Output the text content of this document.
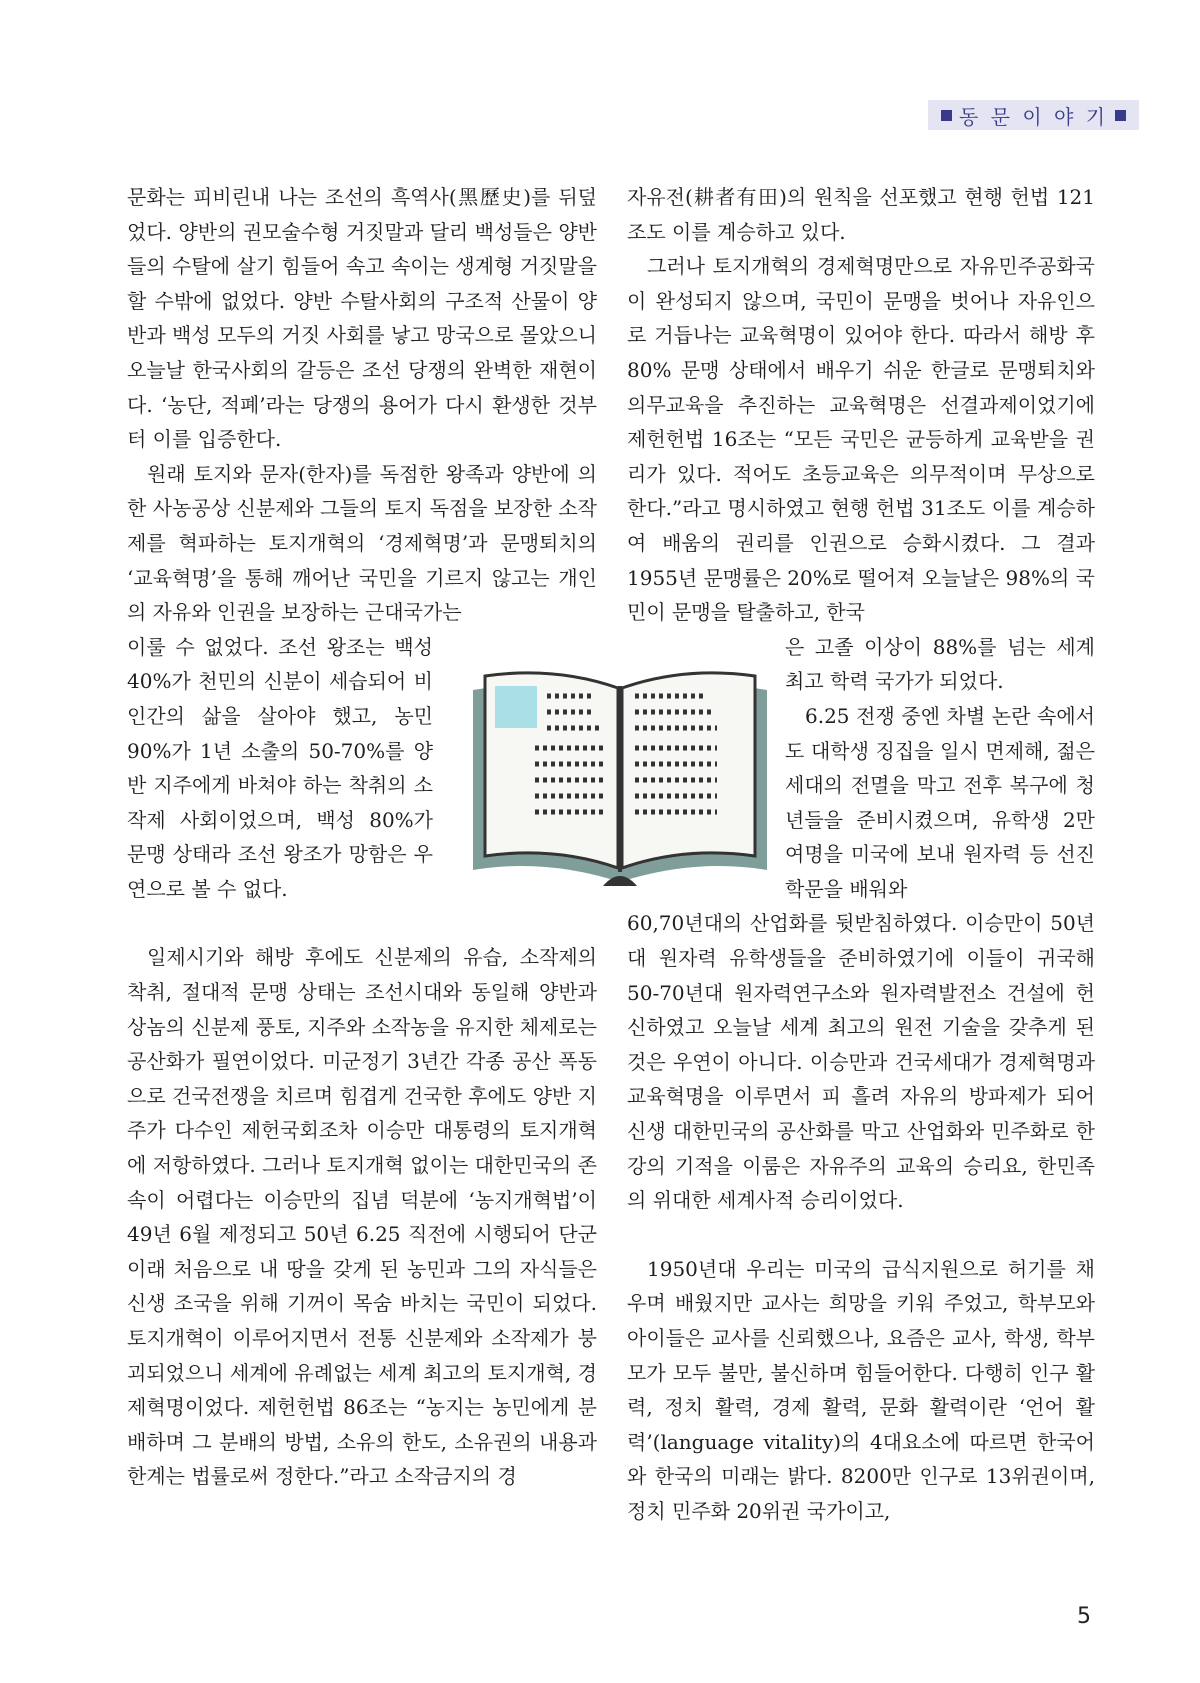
동 문 이 야 기

문화는 피비린내 나는 조선의 흑역사(黑歷史)를 뒤덮었다. 양반의 권모술수형 거짓말과 달리 백성들은 양반들의 수탈에 살기 힘들어 속고 속이는 생계형 거짓말을 할 수밖에 없었다. 양반 수탈사회의 구조적 산물이 양반과 백성 모두의 거짓 사회를 낳고 망국으로 몰았으니 오늘날 한국사회의 갈등은 조선 당쟁의 완벽한 재현이다. ‘농단, 적폐’라는 당쟁의 용어가 다시 환생한 것부터 이를 입증한다.

원래 토지와 문자(한자)를 독점한 왕족과 양반에 의한 사농공상 신분제와 그들의 토지 독점을 보장한 소작제를 혁파하는 토지개혁의 ‘경제혁명’과 문맹퇴치의 ‘교육혁명’을 통해 깨어난 국민을 기르지 않고는 개인의 자유와 인권을 보장하는 근대국가는

이룰 수 없었다. 조선 왕조는 백성 40%가 천민의 신분이 세습되어 비인간의 삶을 살아야 했고, 농민 90%가 1년 소출의 50-70%를 양반 지주에게 바쳐야 하는 착취의 소작제 사회이었으며, 백성 80%가 문맹 상태라 조선 왕조가 망함은 우연으로 볼 수 없다.

일제시기와 해방 후에도 신분제의 유습, 소작제의 착취, 절대적 문맹 상태는 조선시대와 동일해 양반과 상놈의 신분제 풍토, 지주와 소작농을 유지한 체제로는 공산화가 필연이었다. 미군정기 3년간 각종 공산 폭동으로 건국전쟁을 치르며 힘겹게 건국한 후에도 양반 지주가 다수인 제헌국회조차 이승만 대통령의 토지개혁에 저항하였다. 그러나 토지개혁 없이는 대한민국의 존속이 어렵다는 이승만의 집념 덕분에 ‘농지개혁법’이 49년 6월 제정되고 50년 6.25 직전에 시행되어 단군 이래 처음으로 내 땅을 갖게 된 농민과 그의 자식들은 신생 조국을 위해 기꺼이 목숨 바치는 국민이 되었다. 토지개혁이 이루어지면서 전통 신분제와 소작제가 붕괴되었으니 세계에 유례없는 세계 최고의 토지개혁, 경제혁명이었다. 제헌헌법 86조는 “농지는 농민에게 분배하며 그 분배의 방법, 소유의 한도, 소유권의 내용과 한계는 법률로써 정한다.”라고 소작금지의 경

자유전(耕者有田)의 원칙을 선포했고 현행 헌법 121조도 이를 계승하고 있다.

그러나 토지개혁의 경제혁명만으로 자유민주공화국이 완성되지 않으며, 국민이 문맹을 벗어나 자유인으로 거듭나는 교육혁명이 있어야 한다. 따라서 해방 후 80% 문맹 상태에서 배우기 쉬운 한글로 문맹퇴치와 의무교육을 추진하는 교육혁명은 선결과제이었기에 제헌헌법 16조는 “모든 국민은 균등하게 교육받을 권리가 있다. 적어도 초등교육은 의무적이며 무상으로 한다.”라고 명시하였고 현행 헌법 31조도 이를 계승하여 배움의 권리를 인권으로 승화시켰다. 그 결과 1955년 문맹률은 20%로 떨어져 오늘날은 98%의 국민이 문맹을 탈출하고, 한국

은 고졸 이상이 88%를 넘는 세계 최고 학력 국가가 되었다.

6.25 전쟁 중엔 차별 논란 속에서도 대학생 징집을 일시 면제해, 젊은 세대의 전멸을 막고 전후 복구에 청년들을 준비시켰으며, 유학생 2만 여명을 미국에 보내 원자력 등 선진 학문을 배워와

60,70년대의 산업화를 뒷받침하였다. 이승만이 50년대 원자력 유학생들을 준비하였기에 이들이 귀국해 50-70년대 원자력연구소와 원자력발전소 건설에 헌신하였고 오늘날 세계 최고의 원전 기술을 갖추게 된 것은 우연이 아니다. 이승만과 건국세대가 경제혁명과 교육혁명을 이루면서 피 흘려 자유의 방파제가 되어 신생 대한민국의 공산화를 막고 산업화와 민주화로 한강의 기적을 이룸은 자유주의 교육의 승리요, 한민족의 위대한 세계사적 승리이었다.

1950년대 우리는 미국의 급식지원으로 허기를 채우며 배웠지만 교사는 희망을 키워 주었고, 학부모와 아이들은 교사를 신뢰했으나, 요즘은 교사, 학생, 학부모가 모두 불만, 불신하며 힘들어한다. 다행히 인구 활력, 정치 활력, 경제 활력, 문화 활력이란 ‘언어 활력’(language vitality)의 4대요소에 따르면 한국어와 한국의 미래는 밝다. 8200만 인구로 13위권이며, 정치 민주화 20위권 국가이고,

5
